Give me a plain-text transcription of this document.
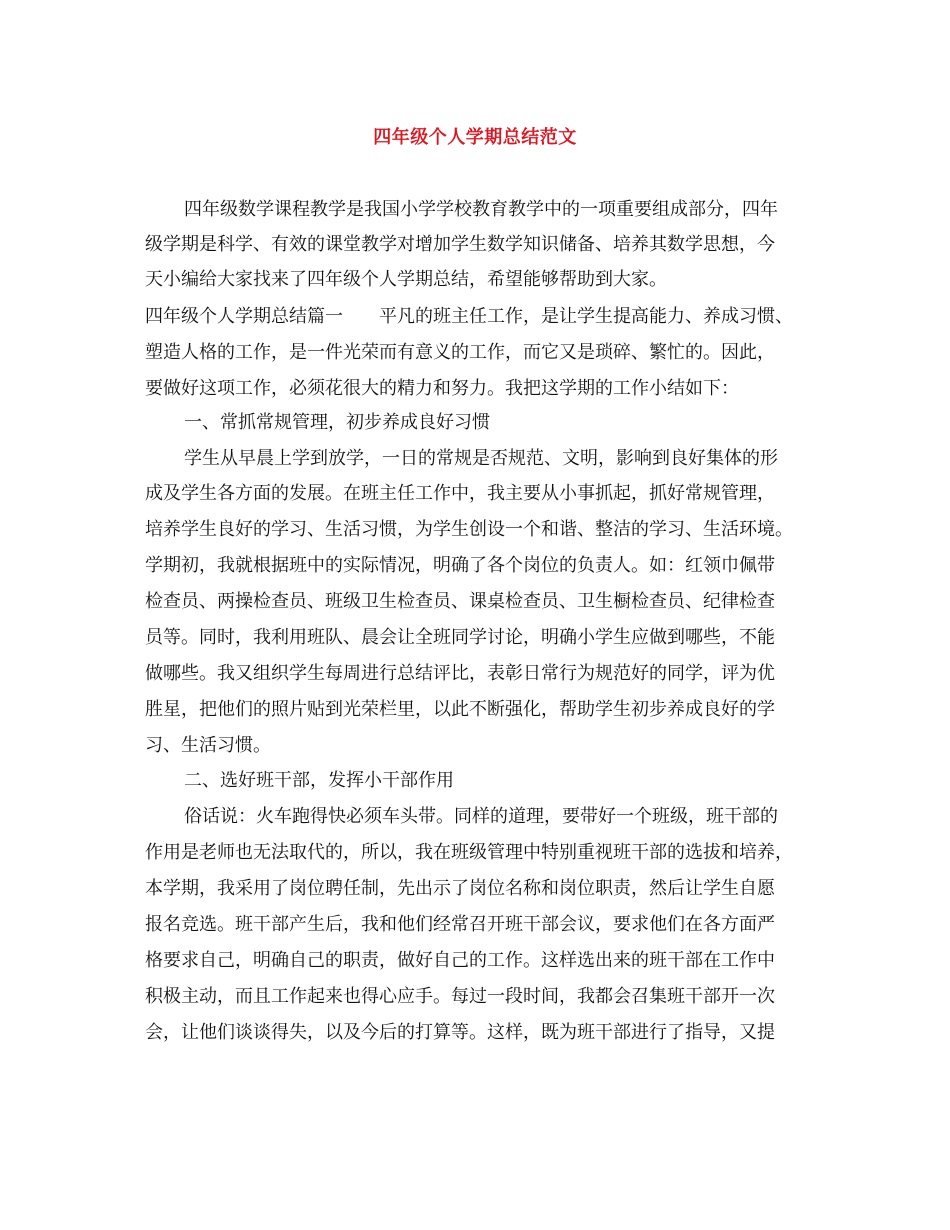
四年级个人学期总结范文
四年级数学课程教学是我国小学学校教育教学中的一项重要组成部分，四年
级学期是科学、有效的课堂教学对增加学生数学知识储备、培养其数学思想，今
天小编给大家找来了四年级个人学期总结，希望能够帮助到大家。
四年级个人学期总结篇一　　平凡的班主任工作，是让学生提高能力、养成习惯、
塑造人格的工作，是一件光荣而有意义的工作，而它又是琐碎、繁忙的。因此，
要做好这项工作，必须花很大的精力和努力。我把这学期的工作小结如下：
一、常抓常规管理，初步养成良好习惯
学生从早晨上学到放学，一日的常规是否规范、文明，影响到良好集体的形
成及学生各方面的发展。在班主任工作中，我主要从小事抓起，抓好常规管理，
培养学生良好的学习、生活习惯，为学生创设一个和谐、整洁的学习、生活环境。
学期初，我就根据班中的实际情况，明确了各个岗位的负责人。如：红领巾佩带
检查员、两操检查员、班级卫生检查员、课桌检查员、卫生橱检查员、纪律检查
员等。同时，我利用班队、晨会让全班同学讨论，明确小学生应做到哪些，不能
做哪些。我又组织学生每周进行总结评比，表彰日常行为规范好的同学，评为优
胜星，把他们的照片贴到光荣栏里，以此不断强化，帮助学生初步养成良好的学
习、生活习惯。
二、选好班干部，发挥小干部作用
俗话说：火车跑得快必须车头带。同样的道理，要带好一个班级，班干部的
作用是老师也无法取代的，所以，我在班级管理中特别重视班干部的选拔和培养，
本学期，我采用了岗位聘任制，先出示了岗位名称和岗位职责，然后让学生自愿
报名竞选。班干部产生后，我和他们经常召开班干部会议，要求他们在各方面严
格要求自己，明确自己的职责，做好自己的工作。这样选出来的班干部在工作中
积极主动，而且工作起来也得心应手。每过一段时间，我都会召集班干部开一次
会，让他们谈谈得失，以及今后的打算等。这样，既为班干部进行了指导，又提
